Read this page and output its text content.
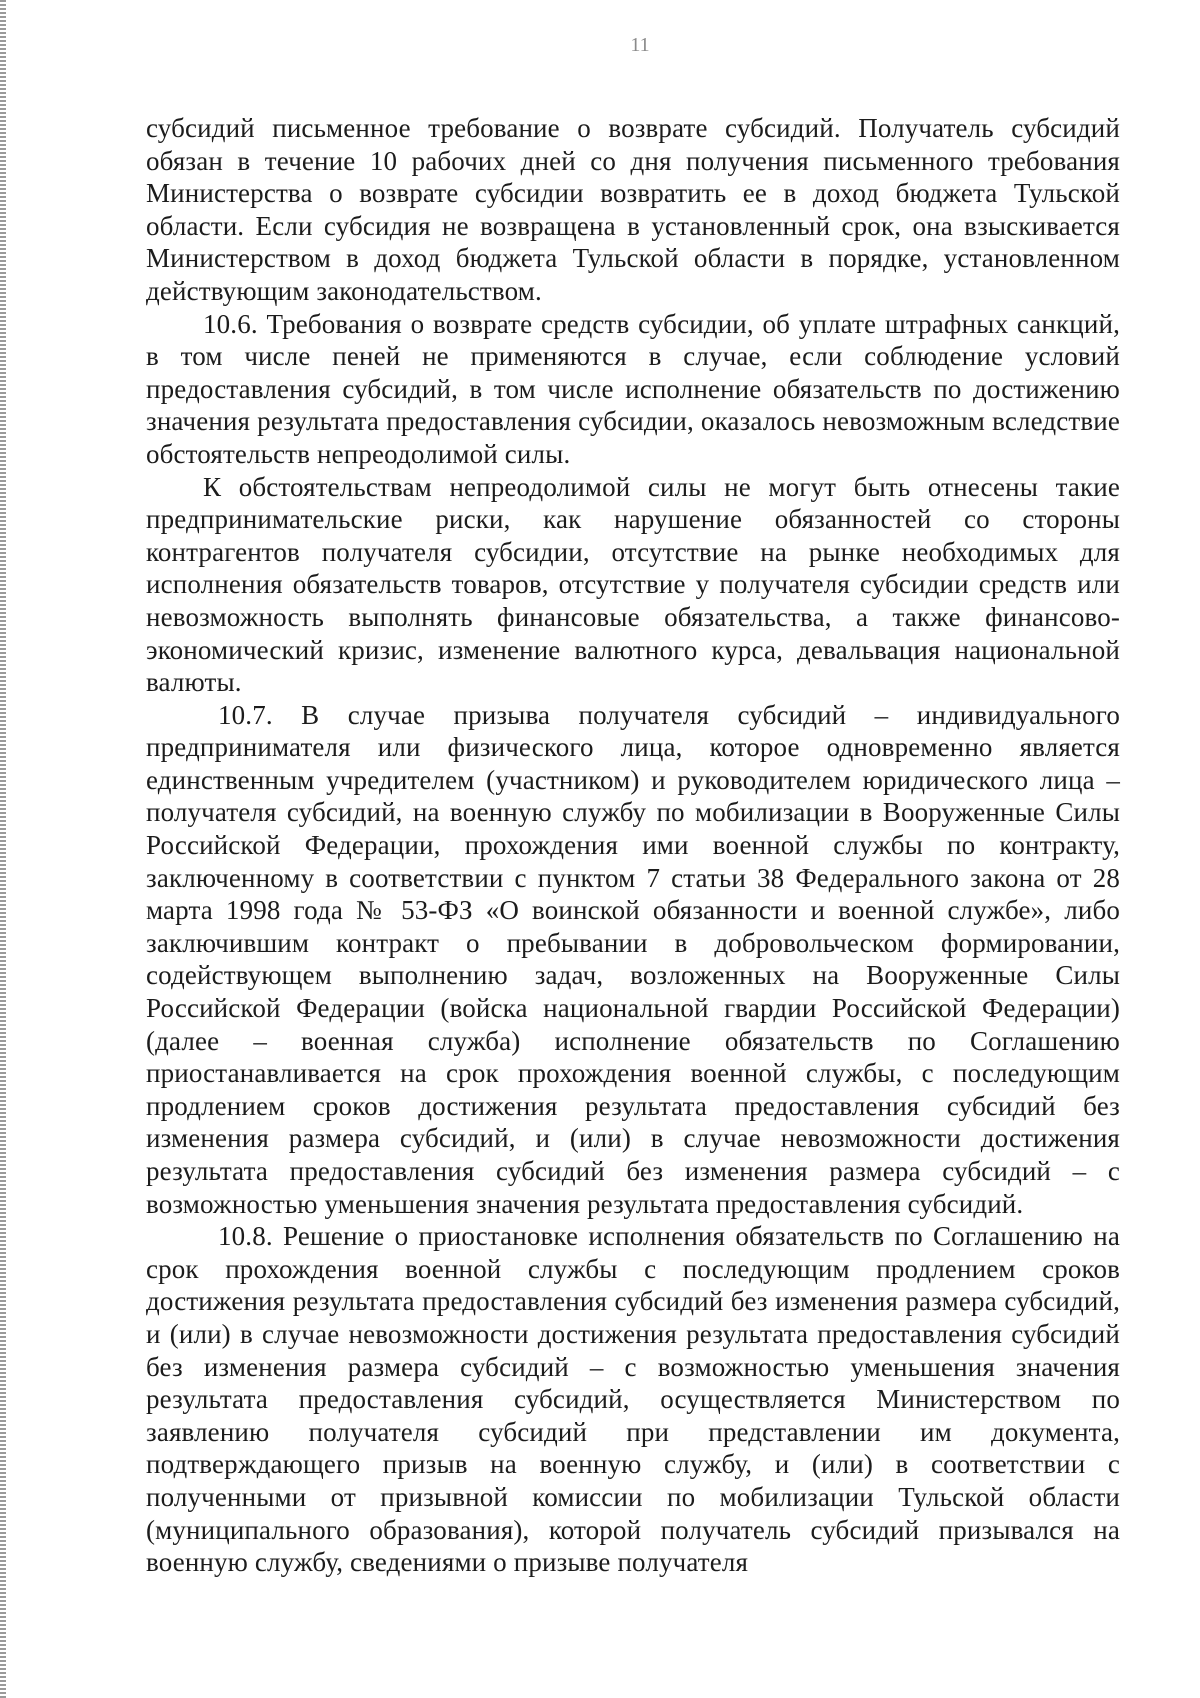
11

субсидий письменное требование о возврате субсидий. Получатель субсидий обязан в течение 10 рабочих дней со дня получения письменного требования Министерства о возврате субсидии возвратить ее в доход бюджета Тульской области. Если субсидия не возвращена в установленный срок, она взыскивается Министерством в доход бюджета Тульской области в порядке, установленном действующим законодательством.

10.6. Требования о возврате средств субсидии, об уплате штрафных санкций, в том числе пеней не применяются в случае, если соблюдение условий предоставления субсидий, в том числе исполнение обязательств по достижению значения результата предоставления субсидии, оказалось невозможным вследствие обстоятельств непреодолимой силы.

К обстоятельствам непреодолимой силы не могут быть отнесены такие предпринимательские риски, как нарушение обязанностей со стороны контрагентов получателя субсидии, отсутствие на рынке необходимых для исполнения обязательств товаров, отсутствие у получателя субсидии средств или невозможность выполнять финансовые обязательства, а также финансово-экономический кризис, изменение валютного курса, девальвация национальной валюты.

10.7. В случае призыва получателя субсидий – индивидуального предпринимателя или физического лица, которое одновременно является единственным учредителем (участником) и руководителем юридического лица – получателя субсидий, на военную службу по мобилизации в Вооруженные Силы Российской Федерации, прохождения ими военной службы по контракту, заключенному в соответствии с пунктом 7 статьи 38 Федерального закона от 28 марта 1998 года № 53-ФЗ «О воинской обязанности и военной службе», либо заключившим контракт о пребывании в добровольческом формировании, содействующем выполнению задач, возложенных на Вооруженные Силы Российской Федерации (войска национальной гвардии Российской Федерации) (далее – военная служба) исполнение обязательств по Соглашению приостанавливается на срок прохождения военной службы, с последующим продлением сроков достижения результата предоставления субсидий без изменения размера субсидий, и (или) в случае невозможности достижения результата предоставления субсидий без изменения размера субсидий – с возможностью уменьшения значения результата предоставления субсидий.

10.8. Решение о приостановке исполнения обязательств по Соглашению на срок прохождения военной службы с последующим продлением сроков достижения результата предоставления субсидий без изменения размера субсидий, и (или) в случае невозможности достижения результата предоставления субсидий без изменения размера субсидий – с возможностью уменьшения значения результата предоставления субсидий, осуществляется Министерством по заявлению получателя субсидий при представлении им документа, подтверждающего призыв на военную службу, и (или) в соответствии с полученными от призывной комиссии по мобилизации Тульской области (муниципального образования), которой получатель субсидий призывался на военную службу, сведениями о призыве получателя
